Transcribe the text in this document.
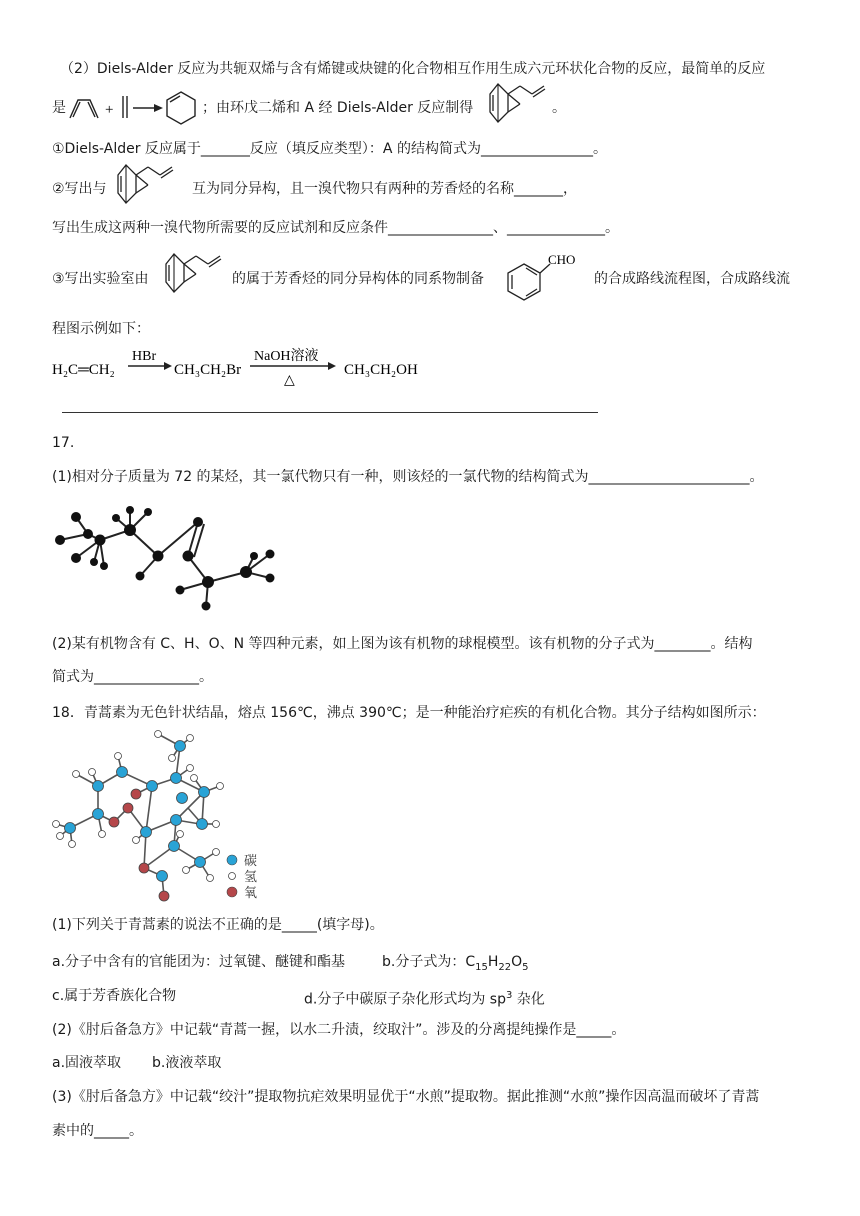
（2）Diels-Alder 反应为共轭双烯与含有烯键或炔键的化合物相互作用生成六元环状化合物的反应，最简单的反应
是	+	；由环戊二烯和 A 经 Diels-Alder 反应制得	。
①Diels-Alder 反应属于_______反应（填反应类型）：A 的结构简式为________________。
②写出与	互为同分异构，且一溴代物只有两种的芳香烃的名称_______，
写出生成这两种一溴代物所需要的反应试剂和反应条件_______________、______________。
③写出实验室由	的属于芳香烃的同分异构体的同系物制备
CHO
的合成路线流程图，合成路线流
程图示例如下：
H₂C═CH₂
HBr
CH₃CH₂Br
NaOH溶液
△
CH₃CH₂OH
17.
(1)相对分子质量为 72 的某烃，其一氯代物只有一种，则该烃的一氯代物的结构简式为_______________________。
(2)某有机物含有 C、H、O、N 等四种元素，如上图为该有机物的球棍模型。该有机物的分子式为________。结构
简式为_______________。
18．青蒿素为无色针状结晶，熔点 156℃，沸点 390℃；是一种能治疗疟疾的有机化合物。其分子结构如图所示：
碳
氢
氧
(1)下列关于青蒿素的说法不正确的是_____(填字母)。
a.分子中含有的官能团为：过氧键、醚键和酯基	b.分子式为：$C_{15}H_{22}O_5$
c.属于芳香族化合物	d.分子中碳原子杂化形式均为 $sp^3$ 杂化
(2)《肘后备急方》中记载“青蒿一握，以水二升渍，绞取汁”。涉及的分离提纯操作是_____。
a.固液萃取 b.液液萃取
(3)《肘后备急方》中记载“绞汁”提取物抗疟效果明显优于“水煎”提取物。据此推测“水煎”操作因高温而破坏了青蒿
素中的_____。
